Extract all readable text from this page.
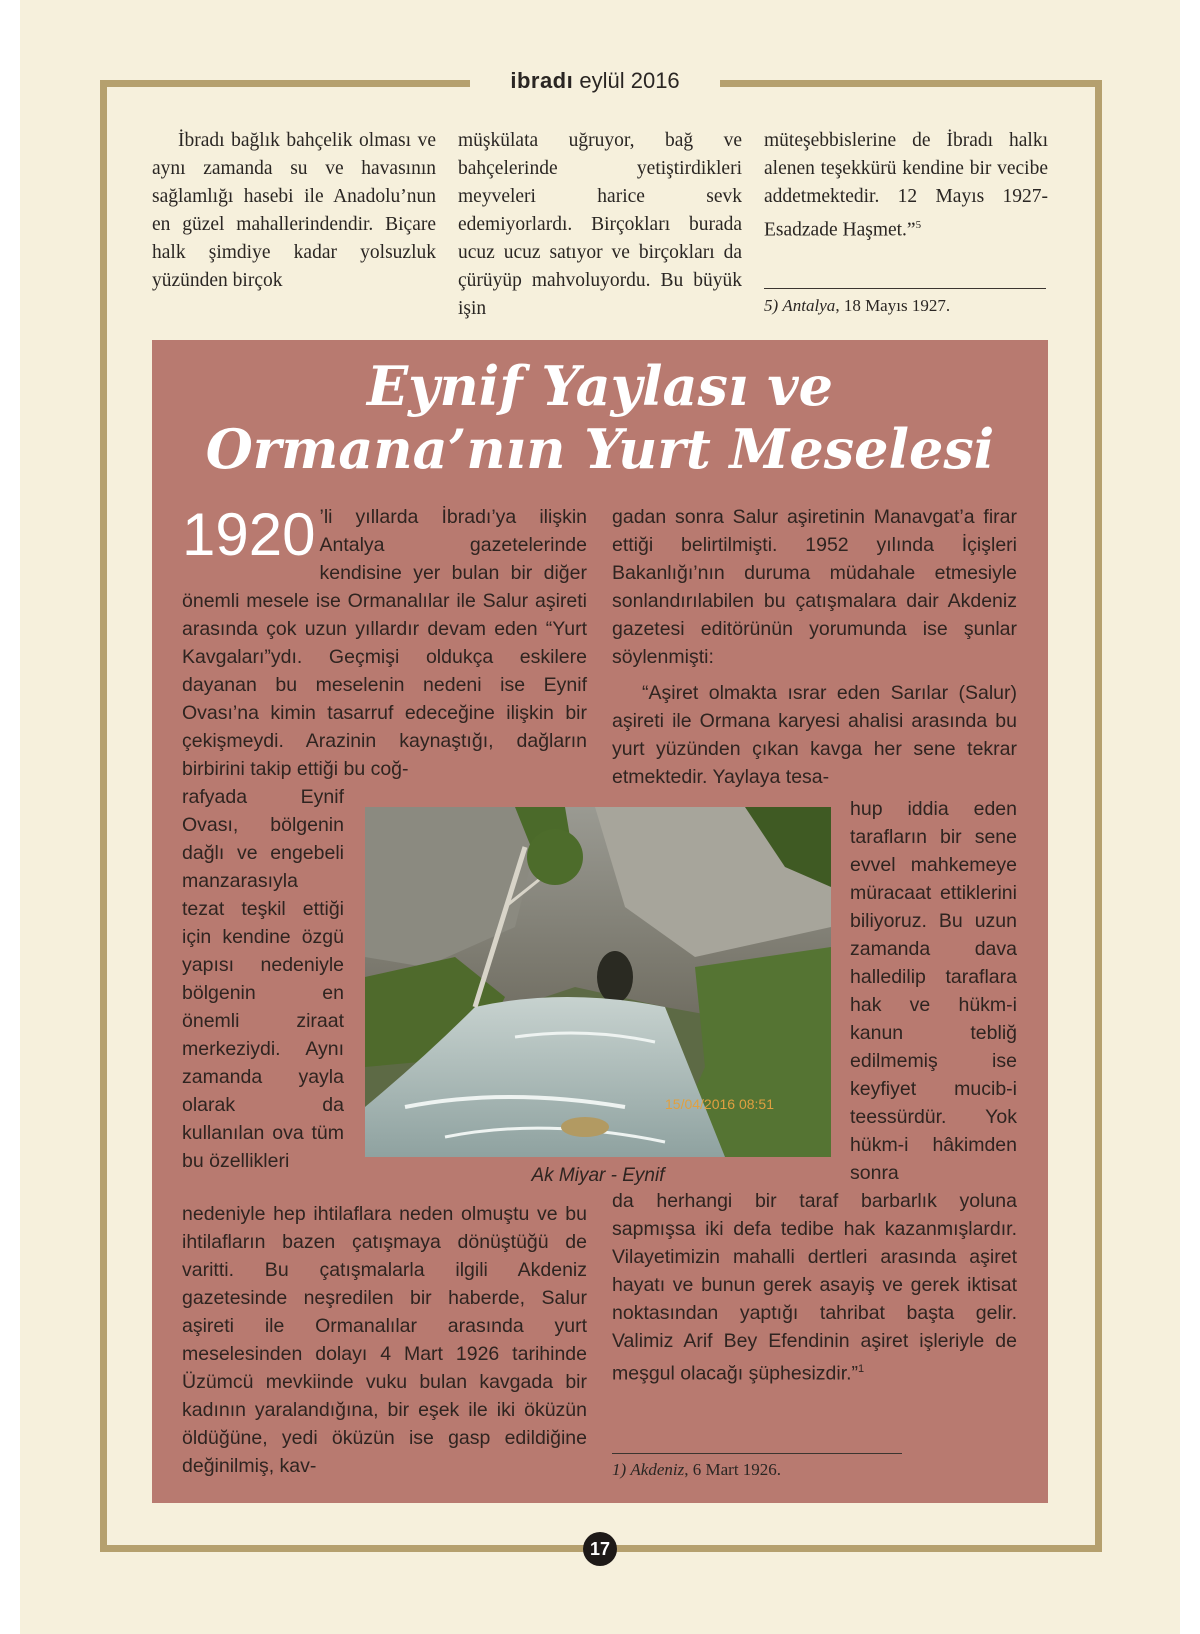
ibradı eylül 2016
İbradı bağlık bahçelik olması ve aynı zamanda su ve havasının sağlamlığı hasebi ile Anadolu’nun en güzel mahallerindendir. Biçare halk şimdiye kadar yolsuzluk yüzünden birçok
müşkülata uğruyor, bağ ve bahçelerinde yetiştirdikleri meyveleri harice sevk edemiyorlardı. Birçokları burada ucuz ucuz satıyor ve birçokları da çürüyüp mahvoluyordu. Bu büyük işin
müteşebbislerine de İbradı halkı alenen teşekkürü kendine bir vecibe addetmektedir. 12 Mayıs 1927-Esadzade Haşmet.”$^5$
5) Antalya, 18 Mayıs 1927.
Eynif Yaylası ve
Ormana’nın Yurt Meselesi
1920 ’li yıllarda İbradı’ya ilişkin Antalya gazetelerinde kendisine yer bulan bir diğer önemli mesele ise Ormanalılar ile Salur aşireti arasında çok uzun yıllardır devam eden “Yurt Kavgaları”ydı. Geçmişi oldukça eskilere dayanan bu meselenin nedeni ise Eynif Ovası’na kimin tasarruf edeceğine ilişkin bir çekişmeydi. Arazinin kaynaştığı, dağların birbirini takip ettiği bu coğ-
rafyada Eynif Ovası, bölgenin dağlı ve engebeli manzarasıyla tezat teşkil ettiği için kendine özgü yapısı nedeniyle bölgenin en önemli ziraat merkeziydi. Aynı zamanda yayla olarak da kullanılan ova tüm bu özellikleri
nedeniyle hep ihtilaflara neden olmuştu ve bu ihtilafların bazen çatışmaya dönüştüğü de varitti. Bu çatışmalarla ilgili Akdeniz gazetesinde neşredilen bir haberde, Salur aşireti ile Ormanalılar arasında yurt meselesinden dolayı 4 Mart 1926 tarihinde Üzümcü mevkiinde vuku bulan kavgada bir kadının yaralandığına, bir eşek ile iki öküzün öldüğüne, yedi öküzün ise gasp edildiğine değinilmiş, kav-
gadan sonra Salur aşiretinin Manavgat’a firar ettiği belirtilmişti. 1952 yılında İçişleri Bakanlığı’nın duruma müdahale etmesiyle sonlandırılabilen bu çatışmalara dair Akdeniz gazetesi editörünün yorumunda ise şunlar söylenmişti:
“Aşiret olmakta ısrar eden Sarılar (Salur) aşireti ile Ormana karyesi ahalisi arasında bu yurt yüzünden çıkan kavga her sene tekrar etmektedir. Yaylaya tesa-
hup iddia eden tarafların bir sene evvel mahkemeye müracaat ettiklerini biliyoruz. Bu uzun zamanda dava halledilip taraflara hak ve hükm-i kanun tebliğ edilmemiş ise keyfiyet mucib-i teessürdür. Yok hükm-i hâkimden sonra
da herhangi bir taraf barbarlık yoluna sapmışsa iki defa tedibe hak kazanmışlardır. Vilayetimizin mahalli dertleri arasında aşiret hayatı ve bunun gerek asayiş ve gerek iktisat noktasından yaptığı tahribat başta gelir. Valimiz Arif Bey Efendinin aşiret işleriyle de meşgul olacağı şüphesizdir.”$^1$
1) Akdeniz, 6 Mart 1926.
15/04/2016 08:51
Ak Miyar - Eynif
17
